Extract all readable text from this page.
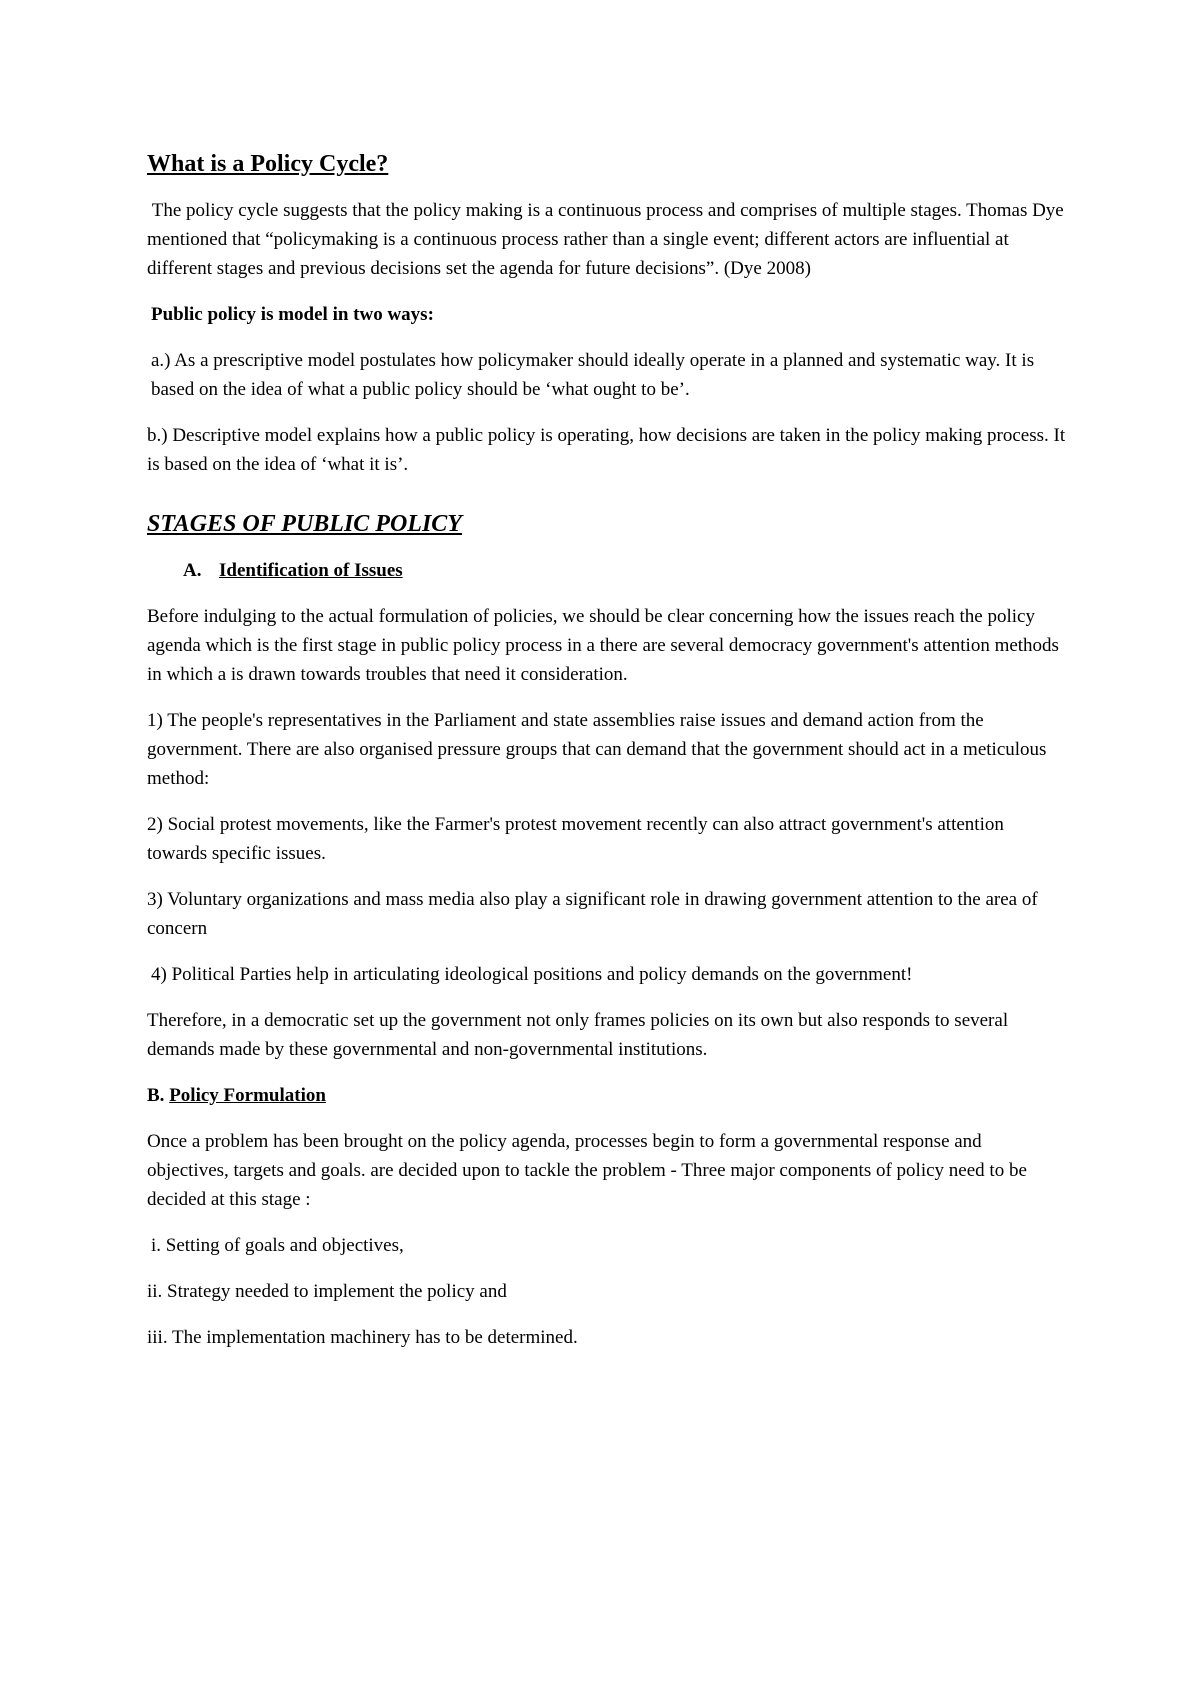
What is a Policy Cycle?

The policy cycle suggests that the policy making is a continuous process and comprises of multiple stages. Thomas Dye mentioned that “policymaking is a continuous process rather than a single event; different actors are influential at different stages and previous decisions set the agenda for future decisions”. (Dye 2008)

Public policy is model in two ways:

a.) As a prescriptive model postulates how policymaker should ideally operate in a planned and systematic way. It is based on the idea of what a public policy should be ‘what ought to be’.

b.) Descriptive model explains how a public policy is operating, how decisions are taken in the policy making process. It is based on the idea of ‘what it is’.

STAGES OF PUBLIC POLICY
A. Identification of Issues

Before indulging to the actual formulation of policies, we should be clear concerning how the issues reach the policy agenda which is the first stage in public policy process in a there are several democracy government's attention methods in which a is drawn towards troubles that need it consideration.

1) The people's representatives in the Parliament and state assemblies raise issues and demand action from the government. There are also organised pressure groups that can demand that the government should act in a meticulous method:

2) Social protest movements, like the Farmer's protest movement recently can also attract government's attention towards specific issues.

3) Voluntary organizations and mass media also play a significant role in drawing government attention to the area of concern

4) Political Parties help in articulating ideological positions and policy demands on the government!

Therefore, in a democratic set up the government not only frames policies on its own but also responds to several demands made by these governmental and non-governmental institutions.

B. Policy Formulation

Once a problem has been brought on the policy agenda, processes begin to form a governmental response and objectives, targets and goals. are decided upon to tackle the problem - Three major components of policy need to be decided at this stage :

i. Setting of goals and objectives,

ii. Strategy needed to implement the policy and

iii. The implementation machinery has to be determined.
